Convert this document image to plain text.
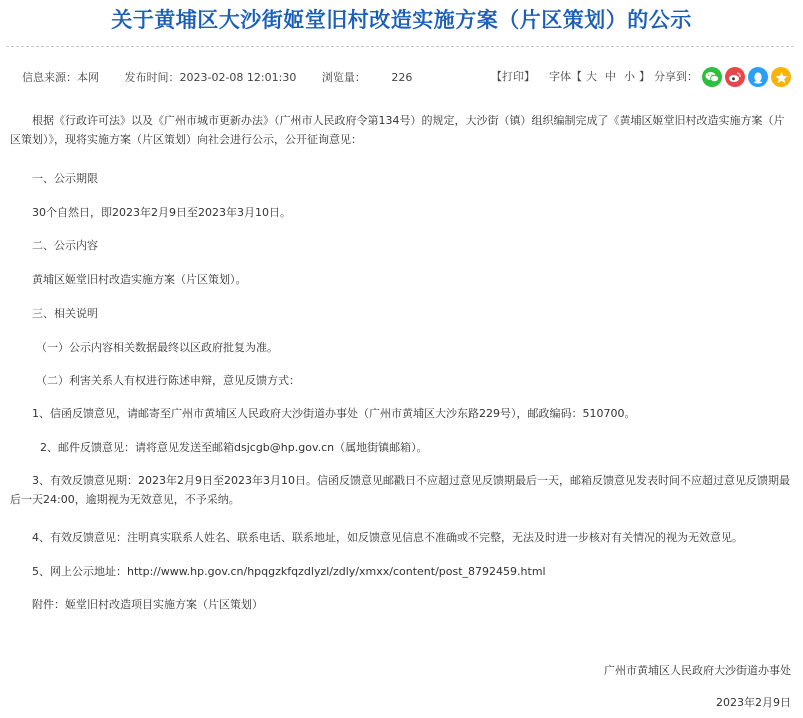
关于黄埔区大沙街姬堂旧村改造实施方案（片区策划）的公示
信息来源：本网 发布时间：2023-02-08 12:01:30 浏览量： 226	【打印】 字体【 大 中 小 】 分享到：
根据《行政许可法》以及《广州市城市更新办法》（广州市人民政府令第134号）的规定，大沙街（镇）组织编制完成了《黄埔区姬堂旧村改造实施方案（片区策划）》，现将实施方案（片区策划）向社会进行公示，公开征询意见：
一、公示期限
30个自然日，即2023年2月9日至2023年3月10日。
二、公示内容
黄埔区姬堂旧村改造实施方案（片区策划）。
三、相关说明
（一）公示内容相关数据最终以区政府批复为准。
（二）利害关系人有权进行陈述申辩，意见反馈方式：
1、信函反馈意见，请邮寄至广州市黄埔区人民政府大沙街道办事处（广州市黄埔区大沙东路229号），邮政编码：510700。
2、邮件反馈意见：请将意见发送至邮箱dsjcgb@hp.gov.cn（属地街镇邮箱）。
3、有效反馈意见期：2023年2月9日至2023年3月10日。信函反馈意见邮戳日不应超过意见反馈期最后一天，邮箱反馈意见发表时间不应超过意见反馈期最后一天24:00，逾期视为无效意见，不予采纳。
4、有效反馈意见：注明真实联系人姓名、联系电话、联系地址，如反馈意见信息不准确或不完整，无法及时进一步核对有关情况的视为无效意见。
5、网上公示地址：http://www.hp.gov.cn/hpqgzkfqzdlyzl/zdly/xmxx/content/post_8792459.html
附件：姬堂旧村改造项目实施方案（片区策划）
广州市黄埔区人民政府大沙街道办事处
2023年2月9日
